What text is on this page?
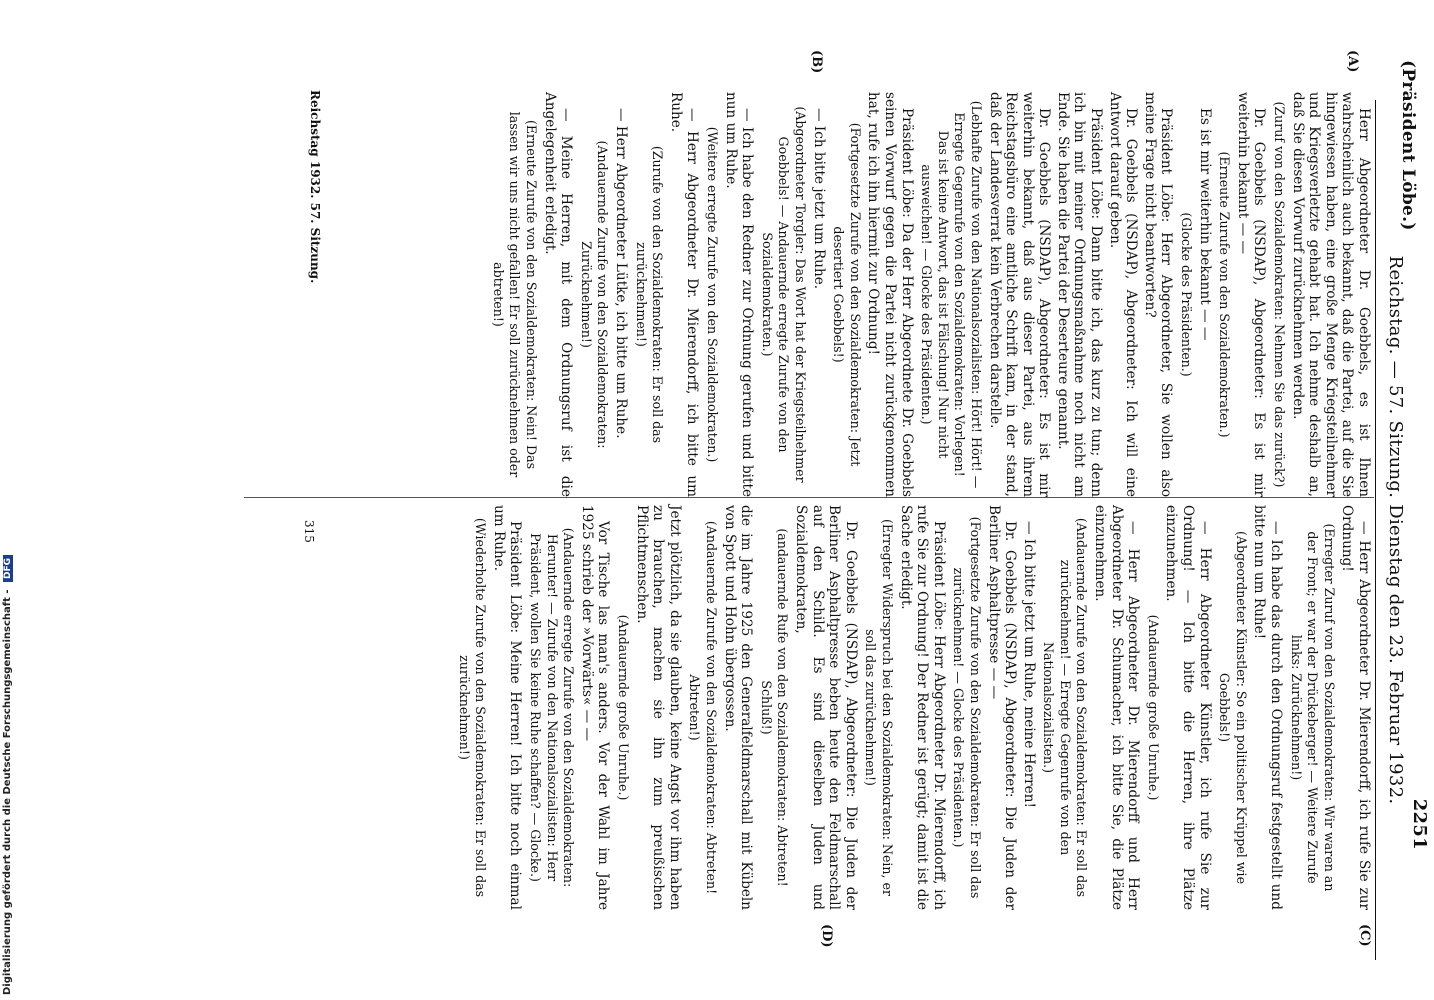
(Präsident Löbe.)
Reichstag. — 57. Sitzung. Dienstag den 23. Februar 1932.
2251
(A)
(B)
(C)
(D)

Herr Abgeordneter Dr. Goebbels, es ist Ihnen wahrscheinlich auch bekannt, daß die Partei, auf die Sie hingewiesen haben, eine große Menge Kriegsteilnehmer und Kriegsverletzte gehabt hat. Ich nehme deshalb an, daß Sie diesen Vorwurf zurücknehmen werden.

(Zuruf von den Sozialdemokraten: Nehmen Sie das zurück?)

Dr. Goebbels (NSDAP), Abgeordneter: Es ist mir weiterhin bekannt — —

(Erneute Zurufe von den Sozialdemokraten.)

Es ist mir weiterhin bekannt — —

(Glocke des Präsidenten.)

Präsident Löbe: Herr Abgeordneter, Sie wollen also meine Frage nicht beantworten?

Dr. Goebbels (NSDAP), Abgeordneter: Ich will eine Antwort darauf geben.

Präsident Löbe: Dann bitte ich, das kurz zu tun; denn ich bin mit meiner Ordnungsmaßnahme noch nicht am Ende. Sie haben die Partei der Deserteure genannt.

Dr. Goebbels (NSDAP), Abgeordneter: Es ist mir weiterhin bekannt, daß aus dieser Partei, aus ihrem Reichstagsbüro eine amtliche Schrift kam, in der stand, daß der Landesverrat kein Verbrechen darstelle.

(Lebhafte Zurufe von den Nationalsozialisten: Hört! Hört! — Erregte Gegenrufe von den Sozialdemokraten: Vorlegen! Das ist keine Antwort, das ist Fälschung! Nur nicht ausweichen! — Glocke des Präsidenten.)

Präsident Löbe: Da der Herr Abgeordnete Dr. Goebbels seinen Vorwurf gegen die Partei nicht zurückgenommen hat, rufe ich ihn hiermit zur Ordnung!

(Fortgesetzte Zurufe von den Sozialdemokraten: Jetzt desertiert Goebbels!)

— Ich bitte jetzt um Ruhe.

(Abgeordneter Torgler: Das Wort hat der Kriegsteilnehmer Goebbels! — Andauernde erregte Zurufe von den Sozialdemokraten.)

— Ich habe den Redner zur Ordnung gerufen und bitte nun um Ruhe.

(Weitere erregte Zurufe von den Sozialdemokraten.)

— Herr Abgeordneter Dr. Mierendorff, ich bitte um Ruhe.

(Zurufe von den Sozialdemokraten: Er soll das zurücknehmen!)

— Herr Abgeordneter Lütke, ich bitte um Ruhe.

(Andauernde Zurufe von den Sozialdemokraten: Zurücknehmen!)

— Meine Herren, mit dem Ordnungsruf ist die Angelegenheit erledigt.

(Erneute Zurufe von den Sozialdemokraten: Nein! Das lassen wir uns nicht gefallen! Er soll zurücknehmen oder abtreten!)

— Herr Abgeordneter Dr. Mierendorff, ich rufe Sie zur Ordnung!

(Erregter Zuruf von den Sozialdemokraten: Wir waren an der Front; er war der Drückeberger! — Weitere Zurufe links: Zurücknehmen!)

— Ich habe das durch den Ordnungsruf festgestellt und bitte nun um Ruhe!

(Abgeordneter Künstler: So ein politischer Krüppel wie Goebbels!)

— Herr Abgeordneter Künstler, ich rufe Sie zur Ordnung! — Ich bitte die Herren, ihre Plätze einzunehmen.

(Andauernde große Unruhe.)

— Herr Abgeordneter Dr. Mierendorff und Herr Abgeordneter Dr. Schumacher, ich bitte Sie, die Plätze einzunehmen.

(Andauernde Zurufe von den Sozialdemokraten: Er soll das zurücknehmen! — Erregte Gegenrufe von den Nationalsozialisten.)

— Ich bitte jetzt um Ruhe, meine Herren!

Dr. Goebbels (NSDAP), Abgeordneter: Die Juden der Berliner Asphaltpresse — —

(Fortgesetzte Zurufe von den Sozialdemokraten: Er soll das zurücknehmen! — Glocke des Präsidenten.)

Präsident Löbe: Herr Abgeordneter Dr. Mierendorff, ich rufe Sie zur Ordnung! Der Redner ist gerügt; damit ist die Sache erledigt.

(Erregter Widerspruch bei den Sozialdemokraten: Nein, er soll das zurücknehmen!)

Dr. Goebbels (NSDAP), Abgeordneter: Die Juden der Berliner Asphaltpresse beben heute den Feldmarschall auf den Schild. Es sind dieselben Juden und Sozialdemokraten,

(andauernde Rufe von den Sozialdemokraten: Abtreten! Schluß!)

die im Jahre 1925 den Generalfeldmarschall mit Kübeln von Spott und Hohn übergossen.

(Andauernde Zurufe von den Sozialdemokraten: Abtreten! Abtreten!)

Jetzt plötzlich, da sie glauben, keine Angst vor ihm haben zu brauchen, machen sie ihn zum preußischen Pflichtmenschen.

(Andauernde große Unruhe.)

Vor Tische las man's anders. Vor der Wahl im Jahre 1925 schrieb der »Vorwärts« — —

(Andauernde erregte Zurufe von den Sozialdemokraten: Herunter! — Zurufe von den Nationalsozialisten: Herr Präsident, wollen Sie keine Ruhe schaffen? — Glocke.)

Präsident Löbe: Meine Herren! Ich bitte noch einmal um Ruhe.

(Wiederholte Zurufe von den Sozialdemokraten: Er soll das zurücknehmen!)

Reichstag 1932. 57. Sitzung.
315
Digitalisierung gefördert durch die Deutsche Forschungsgemeinschaft - DFG
